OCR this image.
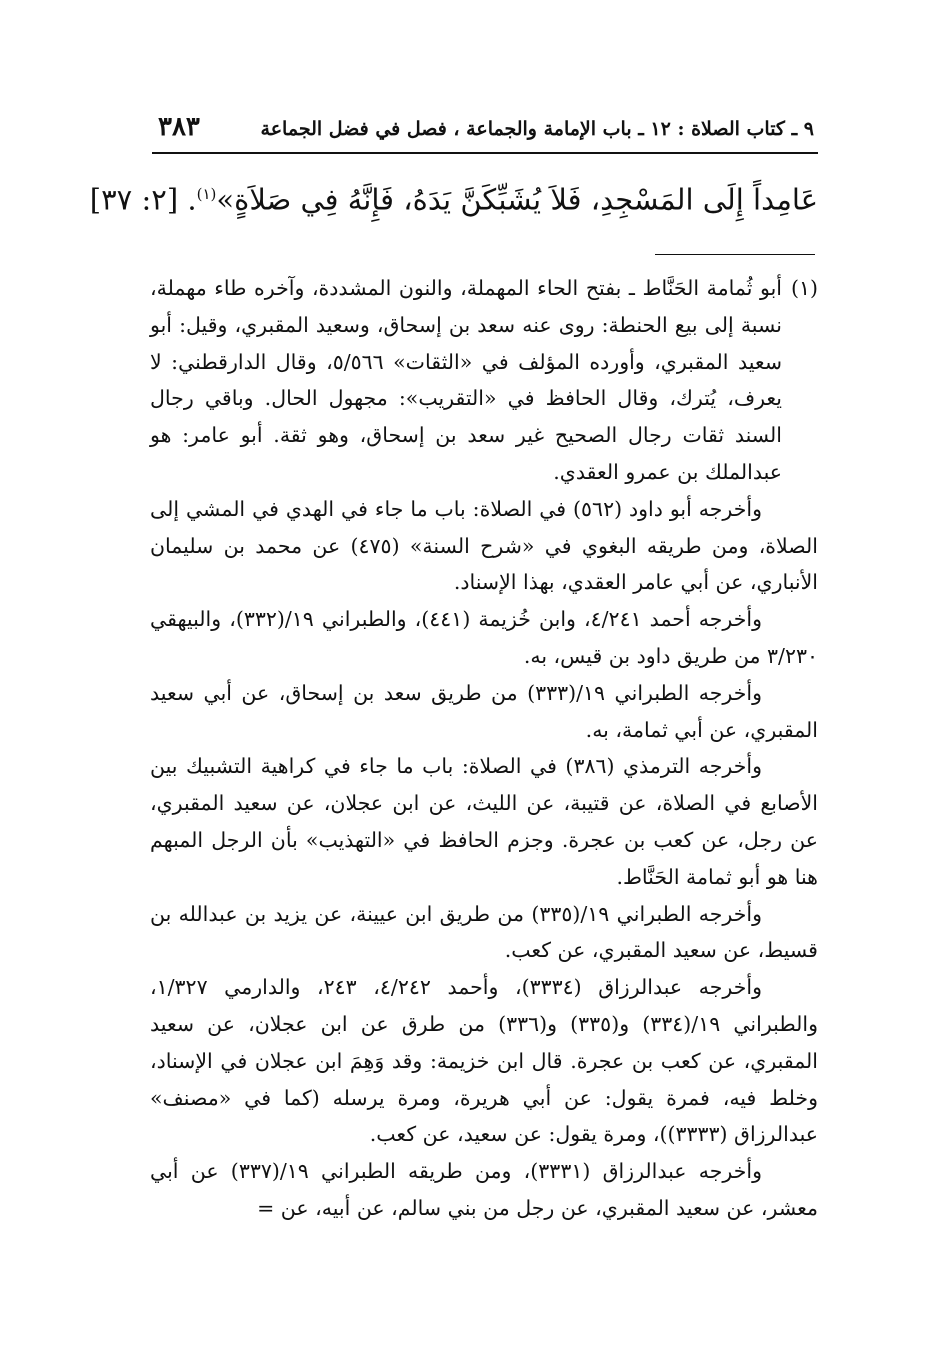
٩ ـ كتاب الصلاة : ١٢ ـ باب الإمامة والجماعة ، فصل في فضل الجماعة
٣٨٣
عَامِداً إِلَى المَسْجِدِ، فَلاَ يُشَبِّكَنَّ يَدَهُ، فَإِنَّهُ فِي صَلاَةٍ»$^{(١)}$. [٢: ٣٧]

(١)
أبو ثُمامة الحَنَّاط ـ بفتح الحاء المهملة، والنون المشددة، وآخره طاء مهملة، نسبة إلى بيع الحنطة: روى عنه سعد بن إسحاق، وسعيد المقبري، وقيل: أبو سعيد المقبري، وأورده المؤلف في «الثقات» ٥/٥٦٦، وقال الدارقطني: لا يعرف، يُترك، وقال الحافظ في «التقريب»: مجهول الحال. وباقي رجال السند ثقات رجال الصحيح غير سعد بن إسحاق، وهو ثقة. أبو عامر: هو عبدالملك بن عمرو العقدي.

وأخرجه أبو داود (٥٦٢) في الصلاة: باب ما جاء في الهدي في المشي إلى الصلاة، ومن طريقه البغوي في «شرح السنة» (٤٧٥) عن محمد بن سليمان الأنباري، عن أبي عامر العقدي، بهذا الإسناد.

وأخرجه أحمد ٤/٢٤١، وابن خُزيمة (٤٤١)، والطبراني ١٩/(٣٣٢)، والبيهقي ٣/٢٣٠ من طريق داود بن قيس، به.

وأخرجه الطبراني ١٩/(٣٣٣) من طريق سعد بن إسحاق، عن أبي سعيد المقبري، عن أبي ثمامة، به.

وأخرجه الترمذي (٣٨٦) في الصلاة: باب ما جاء في كراهية التشبيك بين الأصابع في الصلاة، عن قتيبة، عن الليث، عن ابن عجلان، عن سعيد المقبري، عن رجل، عن كعب بن عجرة. وجزم الحافظ في «التهذيب» بأن الرجل المبهم هنا هو أبو ثمامة الحَنَّاط.

وأخرجه الطبراني ١٩/(٣٣٥) من طريق ابن عيينة، عن يزيد بن عبدالله بن قسيط، عن سعيد المقبري، عن كعب.

وأخرجه عبدالرزاق (٣٣٣٤)، وأحمد ٤/٢٤٢، ٢٤٣، والدارمي ١/٣٢٧، والطبراني ١٩/(٣٣٤) و(٣٣٥) و(٣٣٦) من طرق عن ابن عجلان، عن سعيد المقبري، عن كعب بن عجرة. قال ابن خزيمة: وقد وَهِمَ ابن عجلان في الإسناد، وخلط فيه، فمرة يقول: عن أبي هريرة، ومرة يرسله (كما في «مصنف» عبدالرزاق (٣٣٣٣))، ومرة يقول: عن سعيد، عن كعب.

وأخرجه عبدالرزاق (٣٣٣١)، ومن طريقه الطبراني ١٩/(٣٣٧) عن أبي معشر، عن سعيد المقبري، عن رجل من بني سالم، عن أبيه، عن =
